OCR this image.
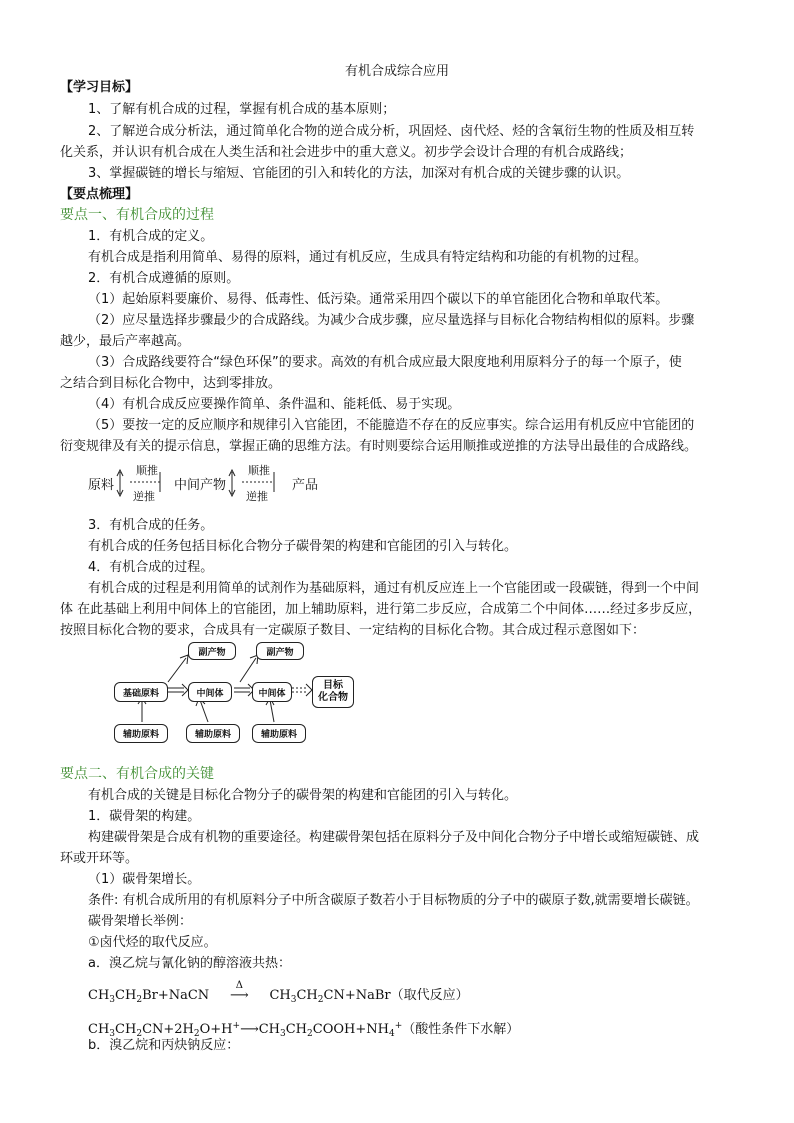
有机合成综合应用
【学习目标】
1、了解有机合成的过程，掌握有机合成的基本原则；
2、了解逆合成分析法，通过简单化合物的逆合成分析，巩固烃、卤代烃、烃的含氧衍生物的性质及相互转
化关系，并认识有机合成在人类生活和社会进步中的重大意义。初步学会设计合理的有机合成路线；
3、掌握碳链的增长与缩短、官能团的引入和转化的方法，加深对有机合成的关键步骤的认识。
【要点梳理】
要点一、有机合成的过程
1．有机合成的定义。
有机合成是指利用简单、易得的原料，通过有机反应，生成具有特定结构和功能的有机物的过程。
2．有机合成遵循的原则。
（1）起始原料要廉价、易得、低毒性、低污染。通常采用四个碳以下的单官能团化合物和单取代苯。
（2）应尽量选择步骤最少的合成路线。为减少合成步骤，应尽量选择与目标化合物结构相似的原料。步骤
越少，最后产率越高。
（3）合成路线要符合“绿色环保”的要求。高效的有机合成应最大限度地利用原料分子的每一个原子，使
之结合到目标化合物中，达到零排放。
（4）有机合成反应要操作简单、条件温和、能耗低、易于实现。
（5）要按一定的反应顺序和规律引入官能团，不能臆造不存在的反应事实。综合运用有机反应中官能团的
衍变规律及有关的提示信息，掌握正确的思维方法。有时则要综合运用顺推或逆推的方法导出最佳的合成路线。
原料
顺推
逆推
中间产物
顺推
逆推
产品
3．有机合成的任务。
有机合成的任务包括目标化合物分子碳骨架的构建和官能团的引入与转化。
4．有机合成的过程。
有机合成的过程是利用简单的试剂作为基础原料，通过有机反应连上一个官能团或一段碳链，得到一个中间
体 在此基础上利用中间体上的官能团，加上辅助原料，进行第二步反应，合成第二个中间体……经过多步反应，
按照目标化合物的要求，合成具有一定碳原子数目、一定结构的目标化合物。其合成过程示意图如下：
基础原料	中间体	中间体
目标
化合物
副产物	副产物
辅助原料	辅助原料	辅助原料
要点二、有机合成的关键
有机合成的关键是目标化合物分子的碳骨架的构建和官能团的引入与转化。
1．碳骨架的构建。
构建碳骨架是合成有机物的重要途径。构建碳骨架包括在原料分子及中间化合物分子中增长或缩短碳链、成
环或开环等。
（1）碳骨架增长。
条件: 有机合成所用的有机原料分子中所含碳原子数若小于目标物质的分子中的碳原子数,就需要增长碳链。
碳骨架增长举例：
①卤代烃的取代反应。
a．溴乙烷与氰化钠的醇溶液共热：
$CH_3CH_2Br+NaCN$
Δ
⟶ $CH_3CH_2CN+NaBr$（取代反应）
$CH_3CH_2CN+2H_2O+H^+⟶CH_3CH_2COOH+NH_4^+$（酸性条件下水解）
b．溴乙烷和丙炔钠反应：
